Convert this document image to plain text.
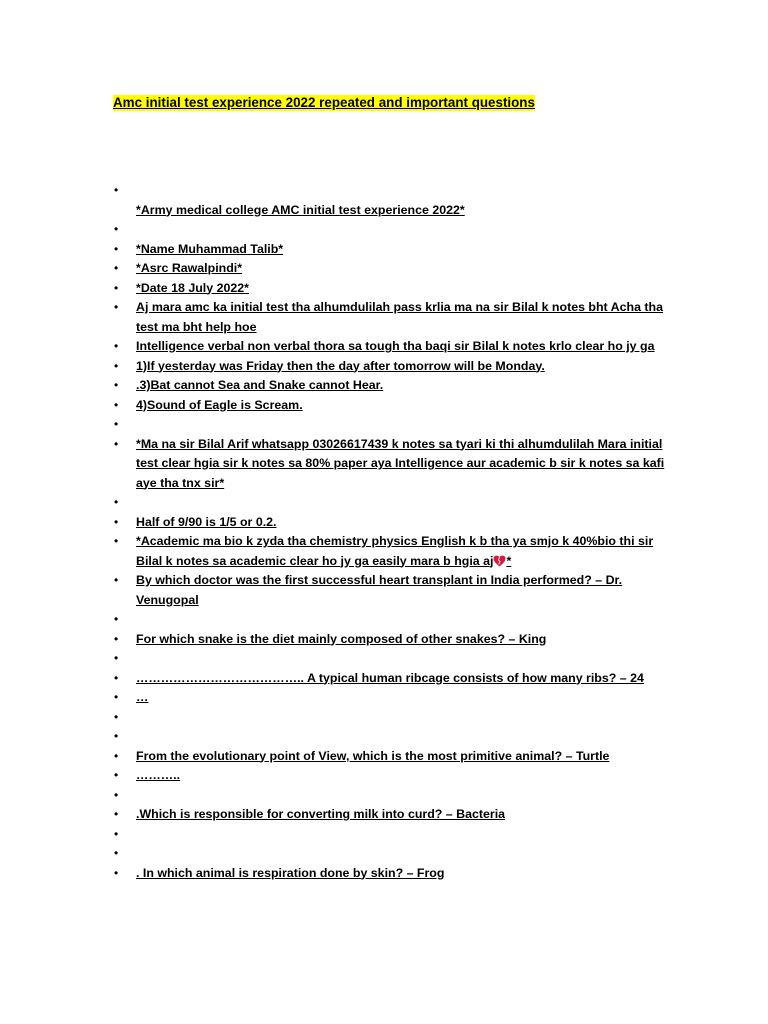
Amc initial test experience 2022 repeated and important questions
•
*Army medical college AMC initial test experience 2022*
•
•	*Name Muhammad Talib*
•	*Asrc Rawalpindi*
•	*Date 18 July 2022*
•	Aj mara amc ka initial test tha alhumdulilah pass krlia ma na sir Bilal k notes bht Acha tha test ma bht help hoe
•	Intelligence verbal non verbal thora sa tough tha baqi sir Bilal k notes krlo clear ho jy ga
•	1)If yesterday was Friday then the day after tomorrow will be Monday.
•	.3)Bat cannot Sea and Snake cannot Hear.
•	4)Sound of Eagle is Scream.
•
•	*Ma na sir Bilal Arif whatsapp 03026617439 k notes sa tyari ki thi alhumdulilah Mara initial test clear hgia sir k notes sa 80% paper aya Intelligence aur academic b sir k notes sa kafi aye tha tnx sir*
•
•	Half of 9/90 is 1/5 or 0.2.
•	*Academic ma bio k zyda tha chemistry physics English k b tha ya smjo k 40%bio thi sir Bilal k notes sa academic clear ho jy ga easily mara b hgia aj *
•	By which doctor was the first successful heart transplant in India performed? – Dr. Venugopal
•
•	For which snake is the diet mainly composed of other snakes? – King
•
•	………………………………….. A typical human ribcage consists of how many ribs? – 24
•	…
•
•
•	From the evolutionary point of View, which is the most primitive animal? – Turtle
•	………..
•
•	.Which is responsible for converting milk into curd? – Bacteria
•
•
•	. In which animal is respiration done by skin? – Frog
